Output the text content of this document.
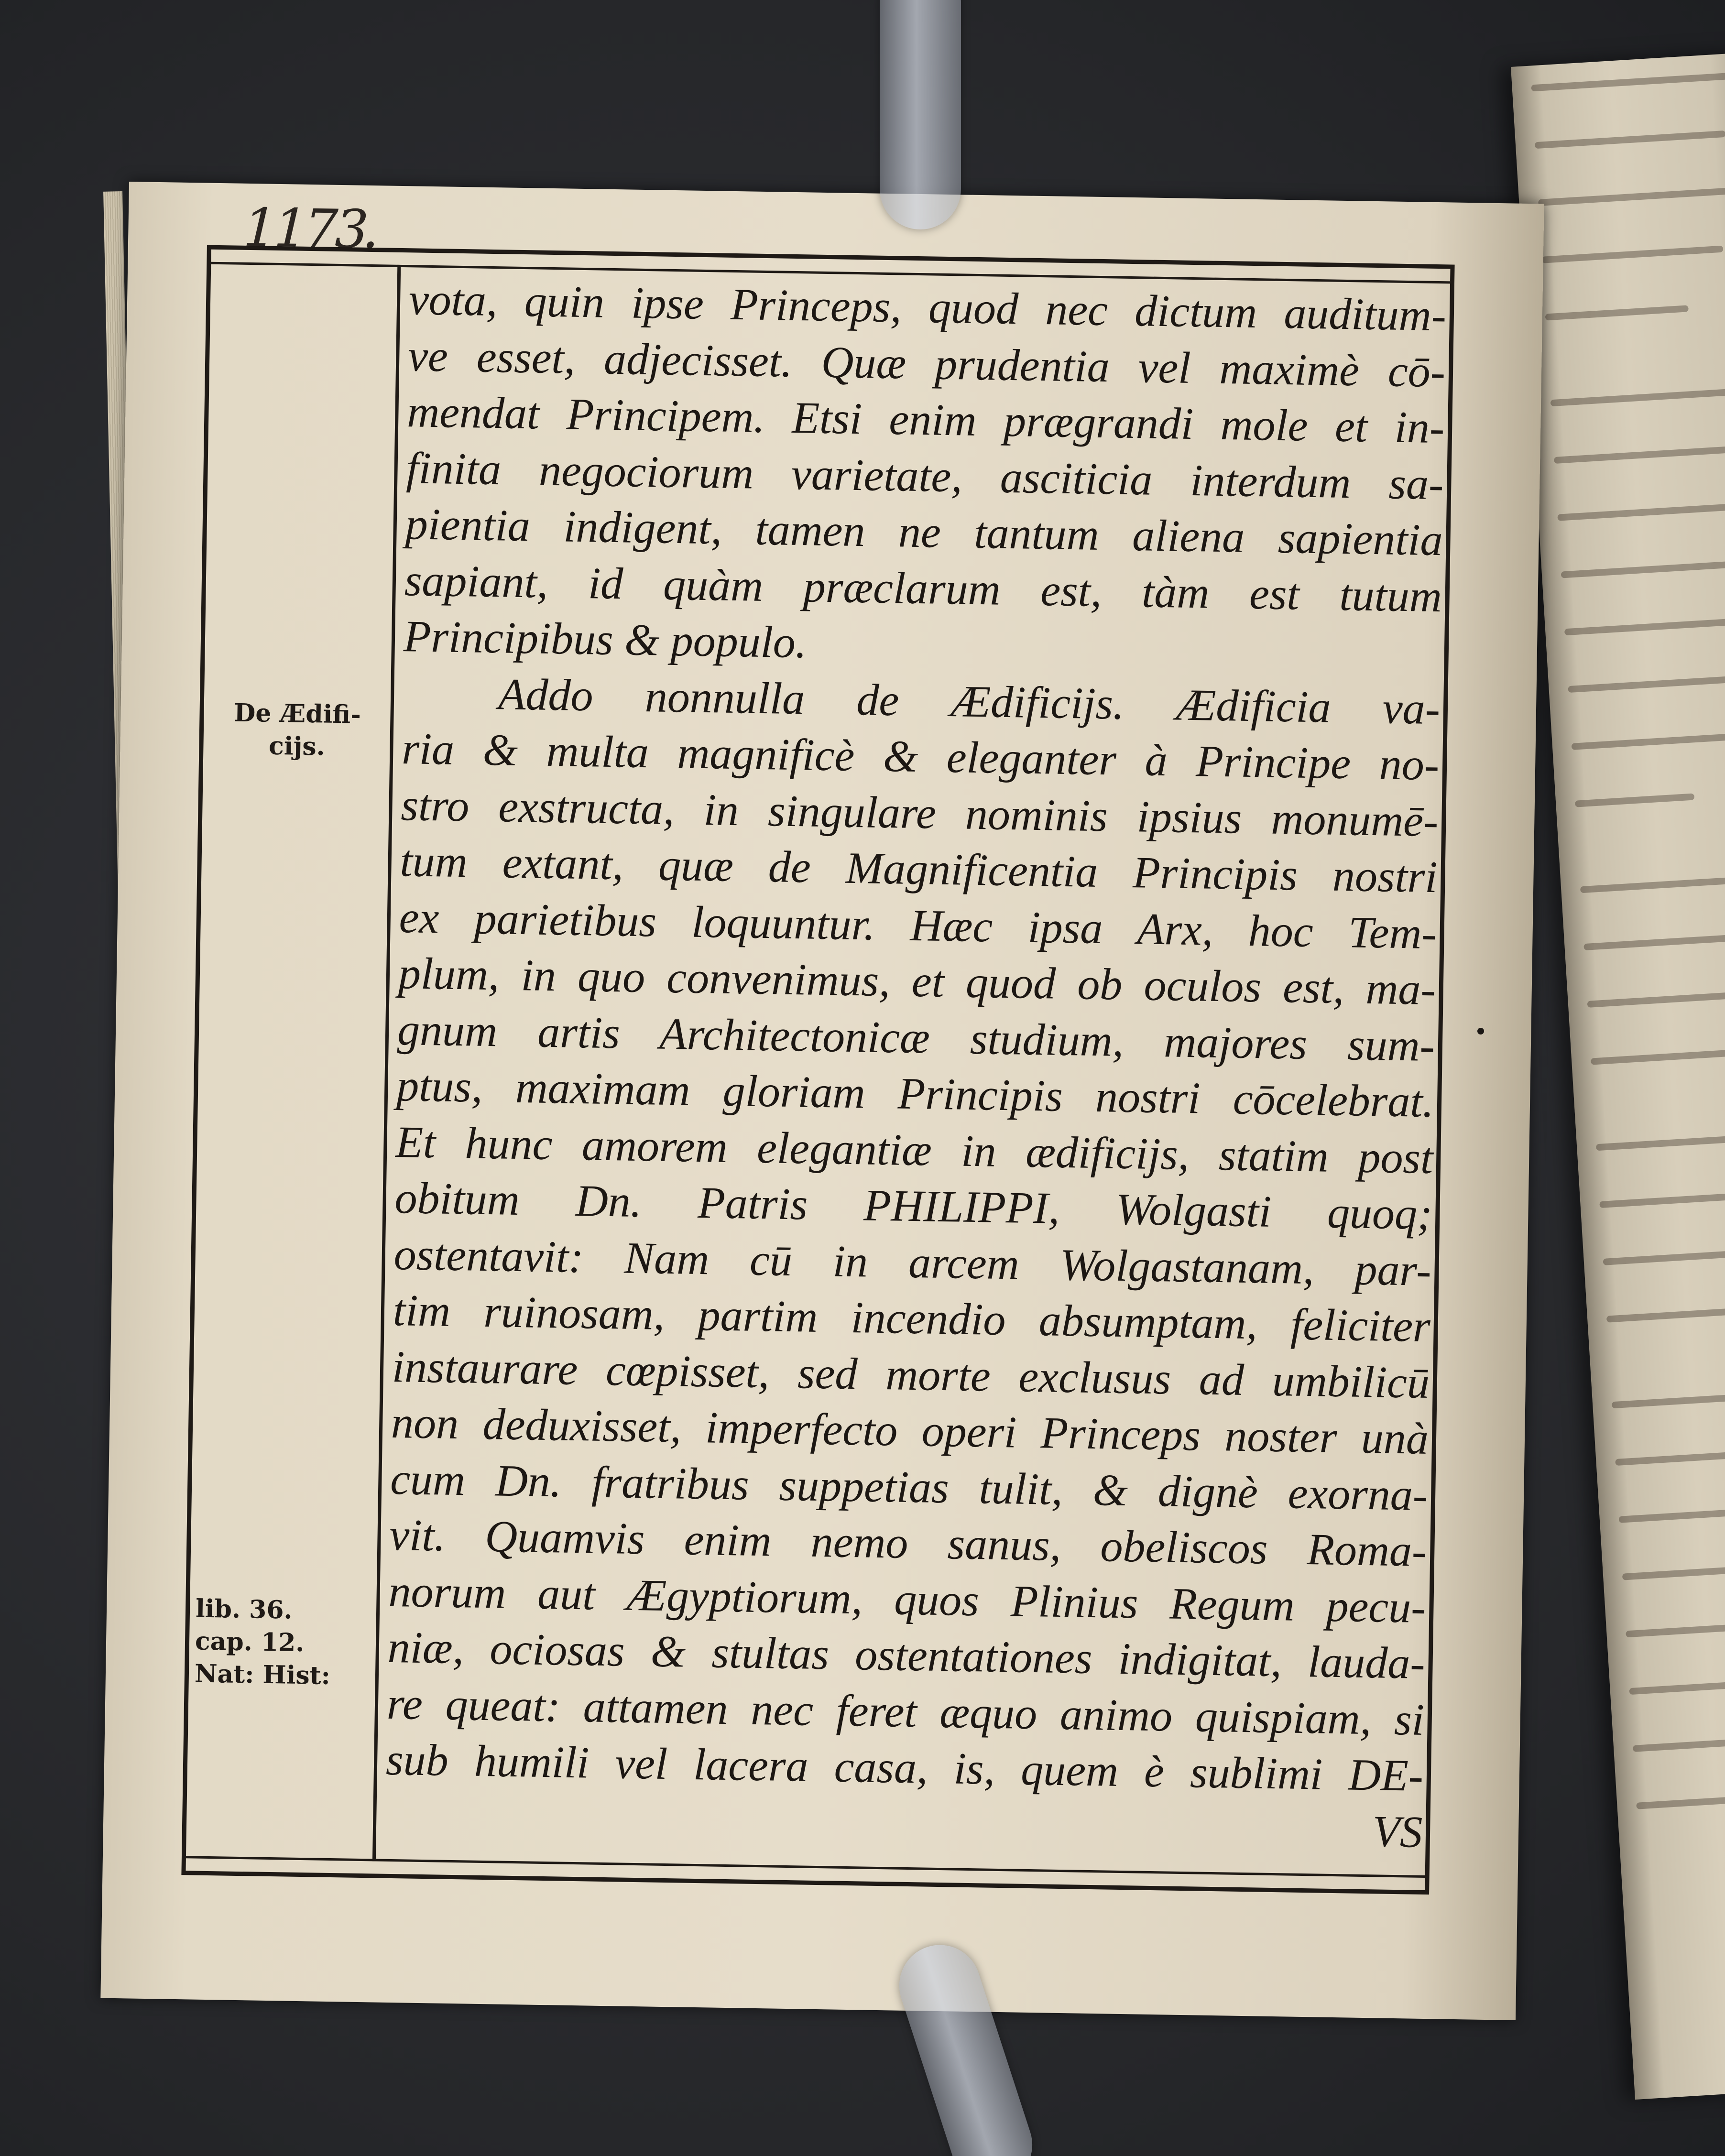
1173.
De Ædifi-
cijs.
lib. 36.
cap. 12.
Nat: Hist:
vota, quin ipse Princeps, quod nec dictum auditum-
ve esset, adjecisset. Quæ prudentia vel maximè cō-
mendat Principem. Etsi enim prægrandi mole et in-
finita negociorum varietate, asciticia interdum sa-
pientia indigent, tamen ne tantum aliena sapientia
sapiant, id quàm præclarum est, tàm est tutum
Principibus & populo.
Addo nonnulla de Ædificijs. Ædificia va-
ria & multa magnificè & eleganter à Principe no-
stro exstructa, in singulare nominis ipsius monumē-
tum extant, quæ de Magnificentia Principis nostri
ex parietibus loquuntur. Hæc ipsa Arx, hoc Tem-
plum, in quo convenimus, et quod ob oculos est, ma-
gnum artis Architectonicæ studium, majores sum-
ptus, maximam gloriam Principis nostri cōcelebrat.
Et hunc amorem elegantiæ in ædificijs, statim post
obitum Dn. Patris PHILIPPI, Wolgasti quoq;
ostentavit: Nam cū in arcem Wolgastanam, par-
tim ruinosam, partim incendio absumptam, feliciter
instaurare cœpisset, sed morte exclusus ad umbilicū
non deduxisset, imperfecto operi Princeps noster unà
cum Dn. fratribus suppetias tulit, & dignè exorna-
vit. Quamvis enim nemo sanus, obeliscos Roma-
norum aut Ægyptiorum, quos Plinius Regum pecu-
niæ, ociosas & stultas ostentationes indigitat, lauda-
re queat: attamen nec feret æquo animo quispiam, si
sub humili vel lacera casa, is, quem è sublimi DE-
VS
